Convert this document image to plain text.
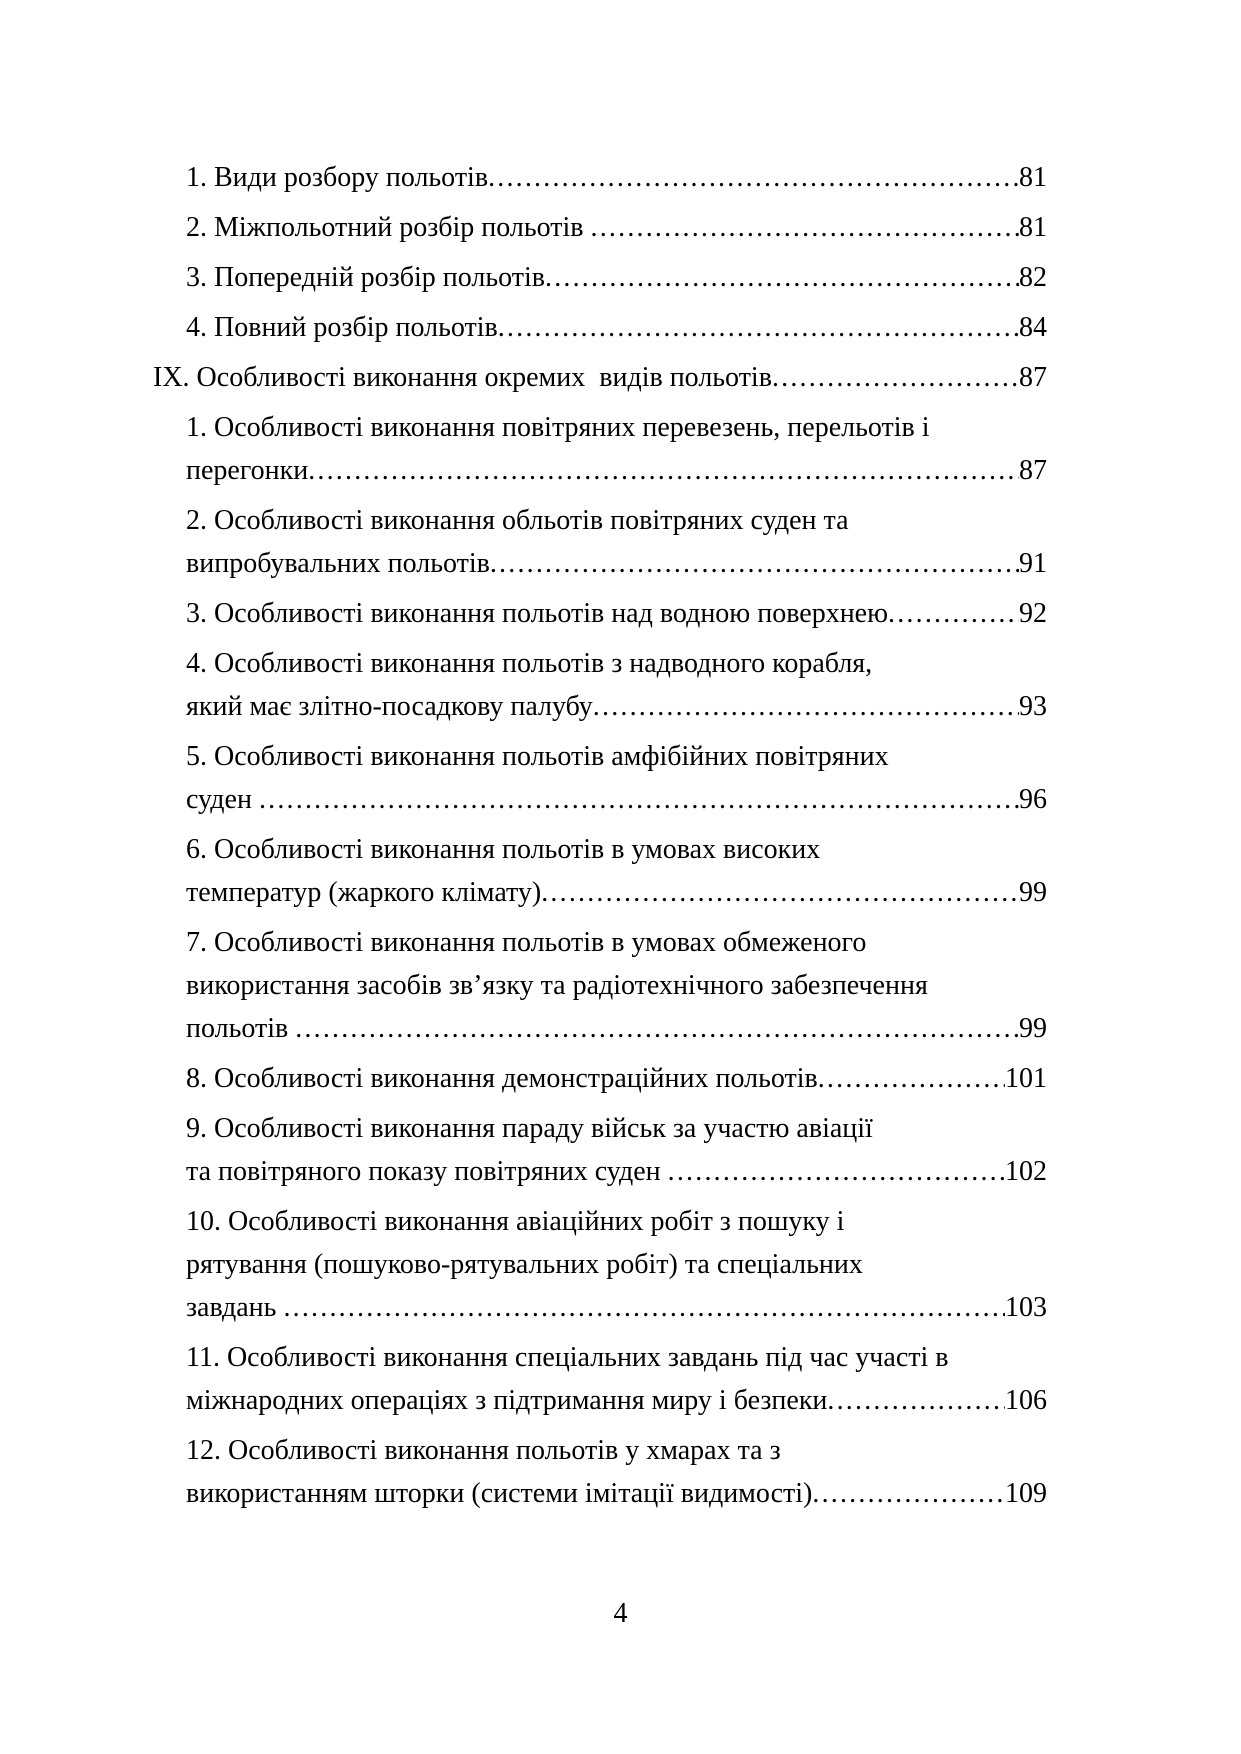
1. Види розбору польотів .....	81
2. Міжпольотний розбір польотів .....	81
3. Попередній розбір польотів .....	82
4. Повний розбір польотів .....	84
IX. Особливості виконання окремих  видів польотів .....	87
1. Особливості виконання повітряних перевезень, перельотів і
перегонки .....	87
2. Особливості виконання обльотів повітряних суден та
випробувальних польотів .....	91
3. Особливості виконання польотів над водною поверхнею .....	92
4. Особливості виконання польотів з надводного корабля,
який має злітно-посадкову палубу .....	93
5. Особливості виконання польотів амфібійних повітряних
суден .....	96
6. Особливості виконання польотів в умовах високих
температур (жаркого клімату) .....	99
7. Особливості виконання польотів в умовах обмеженого
використання засобів зв’язку та радіотехнічного забезпечення
польотів .....	99
8. Особливості виконання демонстраційних польотів .....	101
9. Особливості виконання параду військ за участю авіації
та повітряного показу повітряних суден .....	102
10. Особливості виконання авіаційних робіт з пошуку і
рятування (пошуково-рятувальних робіт) та спеціальних
завдань .....	103
11. Особливості виконання спеціальних завдань під час участі в
міжнародних операціях з підтримання миру і безпеки .....	106
12. Особливості виконання польотів у хмарах та з
використанням шторки (системи імітації видимості) .....	109
4
